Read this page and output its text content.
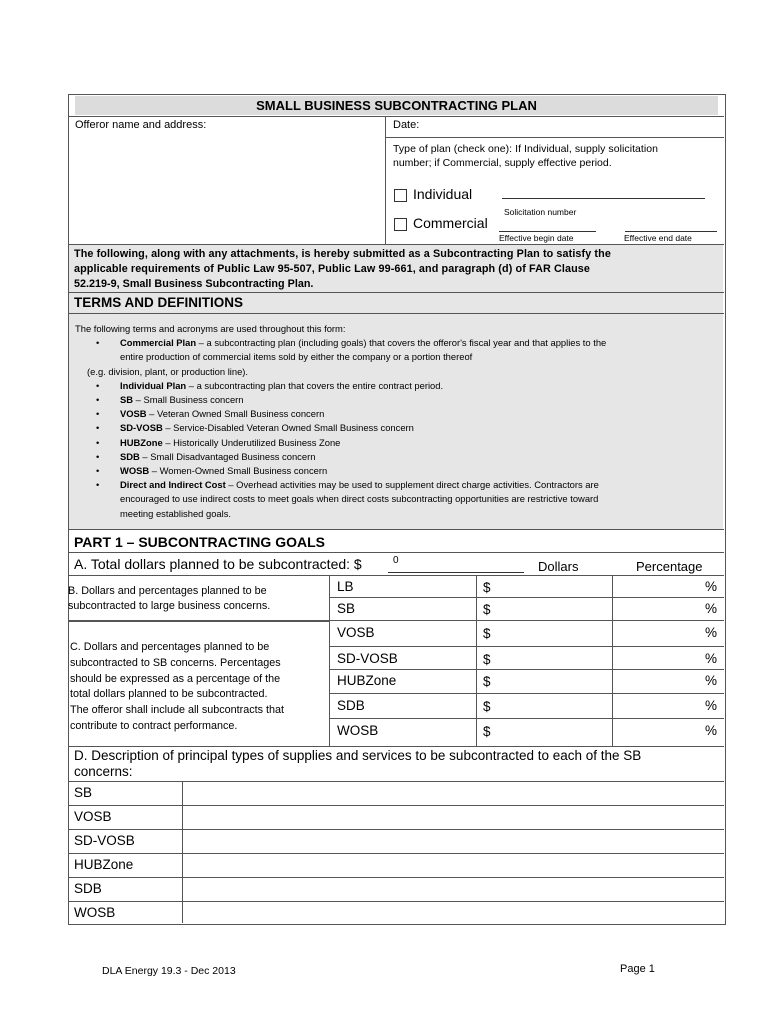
SMALL BUSINESS SUBCONTRACTING PLAN
Offeror name and address:	Date:
Type of plan (check one): If Individual, supply solicitation
number; if Commercial, supply effective period.
Individual
Solicitation number
Commercial
Effective begin date	Effective end date
The following, along with any attachments, is hereby submitted as a Subcontracting Plan to satisfy the
applicable requirements of Public Law 95-507, Public Law 99-661, and paragraph (d) of FAR Clause
52.219-9, Small Business Subcontracting Plan.
TERMS AND DEFINITIONS
The following terms and acronyms are used throughout this form:
• Commercial Plan – a subcontracting plan (including goals) that covers the offeror's fiscal year and that applies to the
entire production of commercial items sold by either the company or a portion thereof
(e.g. division, plant, or production line).
• Individual Plan – a subcontracting plan that covers the entire contract period.
• SB – Small Business concern
• VOSB – Veteran Owned Small Business concern
• SD-VOSB – Service-Disabled Veteran Owned Small Business concern
• HUBZone – Historically Underutilized Business Zone
• SDB – Small Disadvantaged Business concern
• WOSB – Women-Owned Small Business concern
• Direct and Indirect Cost – Overhead activities may be used to supplement direct charge activities. Contractors are
encouraged to use indirect costs to meet goals when direct costs subcontracting opportunities are restrictive toward
meeting established goals.
PART 1 – SUBCONTRACTING GOALS
A. Total dollars planned to be subcontracted: $	0	Dollars	Percentage
B. Dollars and percentages planned to be
subcontracted to large business concerns.
C. Dollars and percentages planned to be
subcontracted to SB concerns. Percentages
should be expressed as a percentage of the
total dollars planned to be subcontracted.
The offeror shall include all subcontracts that
contribute to contract performance.
LB	$	%
SB	$	%
VOSB	$	%
SD-VOSB	$	%
HUBZone	$	%
SDB	$	%
WOSB	$	%
D. Description of principal types of supplies and services to be subcontracted to each of the SB
concerns:
SB
VOSB
SD-VOSB
HUBZone
SDB
WOSB
DLA Energy 19.3 - Dec 2013	Page 1
